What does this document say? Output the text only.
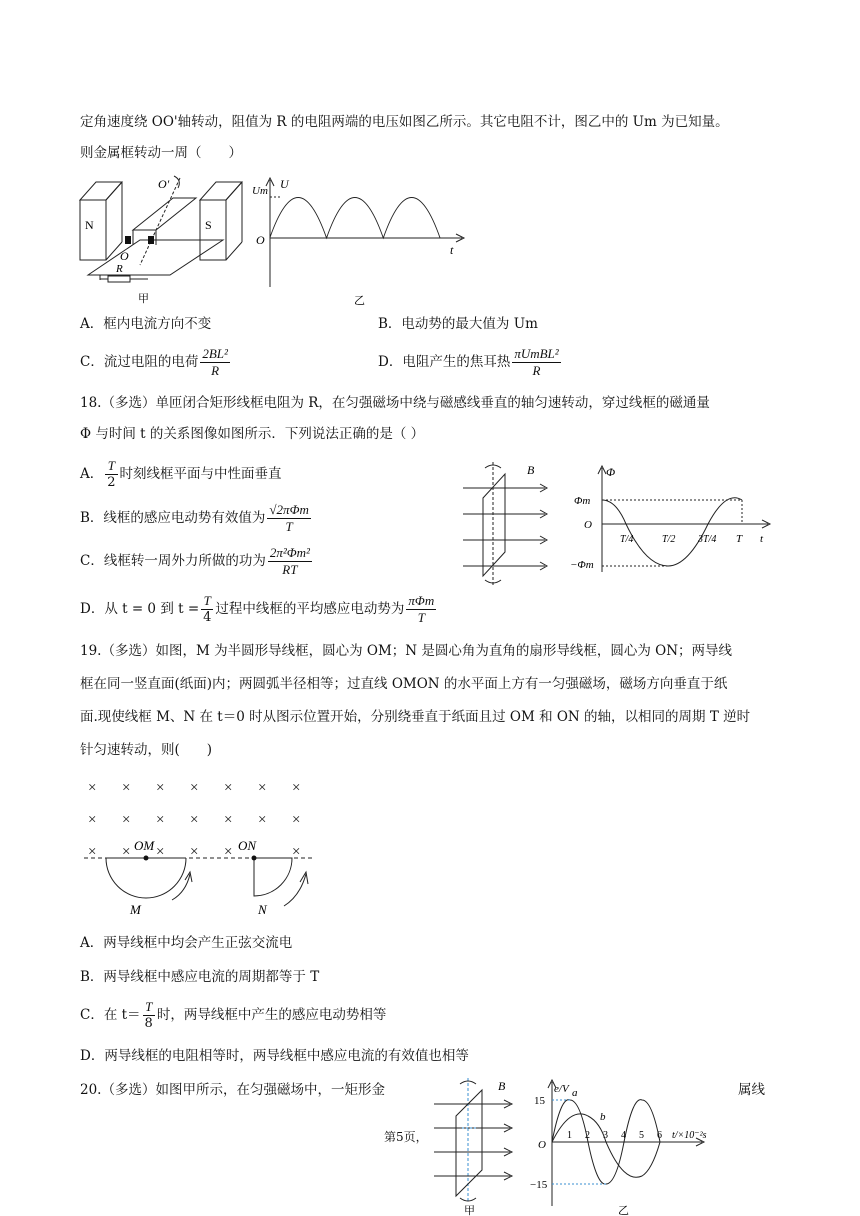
定角速度绕 OO'轴转动，阻值为 R 的电阻两端的电压如图乙所示。其它电阻不计，图乙中的 Um 为已知量。
则金属框转动一周（　　）
N	S
O'
O
R
甲
Um U
O
t
乙
A．框内电流方向不变	B．电动势的最大值为 Um
C．流过电阻的电荷 $\frac{\text{2BL²}}{R}$	D．电阻产生的焦耳热 $\frac{\text{πUmBL²}}{R}$
18.（多选）单匝闭合矩形线框电阻为 R，在匀强磁场中绕与磁感线垂直的轴匀速转动，穿过线框的磁通量
Φ 与时间 t 的关系图像如图所示．下列说法正确的是（ ）
A． $\frac{T}{2}$ 时刻线框平面与中性面垂直
B．线框的感应电动势有效值为 $\frac{\text{√2πΦm}}{T}$
C．线框转一周外力所做的功为 $\frac{\text{2π²Φm²}}{RT}$
D．从 t = 0 到 $t = \frac{T}{4}$ 过程中线框的平均感应电动势为 $\frac{\text{πΦm}}{T}$
B	Φ
Φm
O
−Φm
T/4	T/2 3T/4 T t
19.（多选）如图，M 为半圆形导线框，圆心为 OM；N 是圆心角为直角的扇形导线框，圆心为 ON；两导线
框在同一竖直面(纸面)内；两圆弧半径相等；过直线 OMON 的水平面上方有一匀强磁场，磁场方向垂直于纸
面.现使线框 M、N 在 t＝0 时从图示位置开始，分别绕垂直于纸面且过 OM 和 ON 的轴，以相同的周期 T 逆时
针匀速转动，则(　　)
× × × × × × ×
× × × × × × ×
× × × × ×	×
OM	ON
M	N
A．两导线框中均会产生正弦交流电
B．两导线框中感应电流的周期都等于 T
C．在 $t= \frac{T}{8}$ 时，两导线框中产生的感应电动势相等
D．两导线框的电阻相等时，两导线框中感应电流的有效值也相等
20.（多选）如图甲所示，在匀强磁场中，一矩形金	属线
第5页，
B
甲
e/V
15
−15
O
a
b
1 2 3 4 5 6 t/×10⁻²s
乙
